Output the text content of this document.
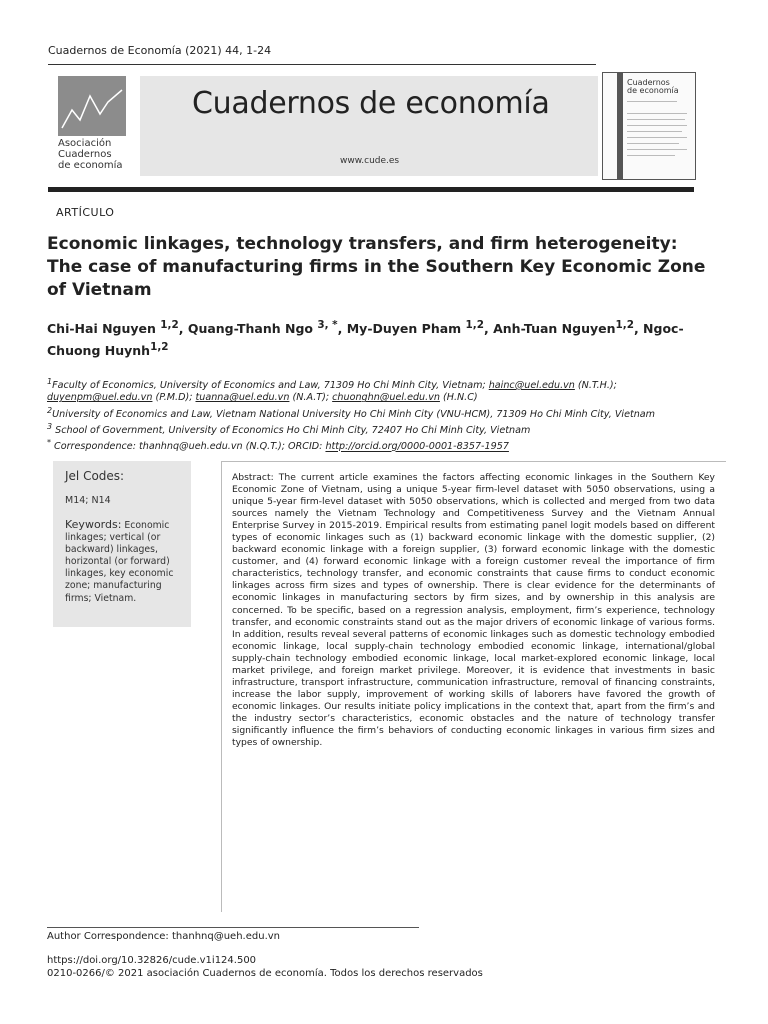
Cuadernos de Economía (2021) 44, 1-24
Asociación
Cuadernos
de economía
Cuadernos de economía
www.cude.es
Cuadernos
de economía
ARTÍCULO
Economic linkages, technology transfers, and firm heterogeneity: The case of manufacturing firms in the Southern Key Economic Zone of Vietnam
Chi-Hai Nguyen $^{1,2}$, Quang-Thanh Ngo $^{3, *}$, My-Duyen Pham $^{1,2}$, Anh-Tuan Nguyen$^{1,2}$, Ngoc-Chuong Huynh$^{1,2}$
$^1$Faculty of Economics, University of Economics and Law, 71309 Ho Chi Minh City, Vietnam; hainc@uel.edu.vn (N.T.H.); duyenpm@uel.edu.vn (P.M.D); tuanna@uel.edu.vn (N.A.T); chuonghn@uel.edu.vn (H.N.C)
$^2$University of Economics and Law, Vietnam National University Ho Chi Minh City (VNU-HCM), 71309 Ho Chi Minh City, Vietnam
$^3$ School of Government, University of Economics Ho Chi Minh City, 72407 Ho Chi Minh City, Vietnam
* Correspondence: thanhnq@ueh.edu.vn (N.Q.T.); ORCID: http://orcid.org/0000-0001-8357-1957
Jel Codes:
M14; N14
Keywords: Economic linkages; vertical (or backward) linkages, horizontal (or forward) linkages, key economic zone; manufacturing firms; Vietnam.
Abstract: The current article examines the factors affecting economic linkages in the Southern Key Economic Zone of Vietnam, using a unique 5-year firm-level dataset with 5050 observations, using a unique 5-year firm-level dataset with 5050 observations, which is collected and merged from two data sources namely the Vietnam Technology and Competitiveness Survey and the Vietnam Annual Enterprise Survey in 2015-2019. Empirical results from estimating panel logit models based on different types of economic linkages such as (1) backward economic linkage with the domestic supplier, (2) backward economic linkage with a foreign supplier, (3) forward economic linkage with the domestic customer, and (4) forward economic linkage with a foreign customer reveal the importance of firm characteristics, technology transfer, and economic constraints that cause firms to conduct economic linkages across firm sizes and types of ownership. There is clear evidence for the determinants of economic linkages in manufacturing sectors by firm sizes, and by ownership in this analysis are concerned. To be specific, based on a regression analysis, employment, firm’s experience, technology transfer, and economic constraints stand out as the major drivers of economic linkage of various forms. In addition, results reveal several patterns of economic linkages such as domestic technology embodied economic linkage, local supply-chain technology embodied economic linkage, international/global supply-chain technology embodied economic linkage, local market-explored economic linkage, local market privilege, and foreign market privilege. Moreover, it is evidence that investments in basic infrastructure, transport infrastructure, communication infrastructure, removal of financing constraints, increase the labor supply, improvement of working skills of laborers have favored the growth of economic linkages. Our results initiate policy implications in the context that, apart from the firm’s and the industry sector’s characteristics, economic obstacles and the nature of technology transfer significantly influence the firm’s behaviors of conducting economic linkages in various firm sizes and types of ownership.
Author Correspondence: thanhnq@ueh.edu.vn
https://doi.org/10.32826/cude.v1i124.500
0210-0266/© 2021 asociación Cuadernos de economía. Todos los derechos reservados
